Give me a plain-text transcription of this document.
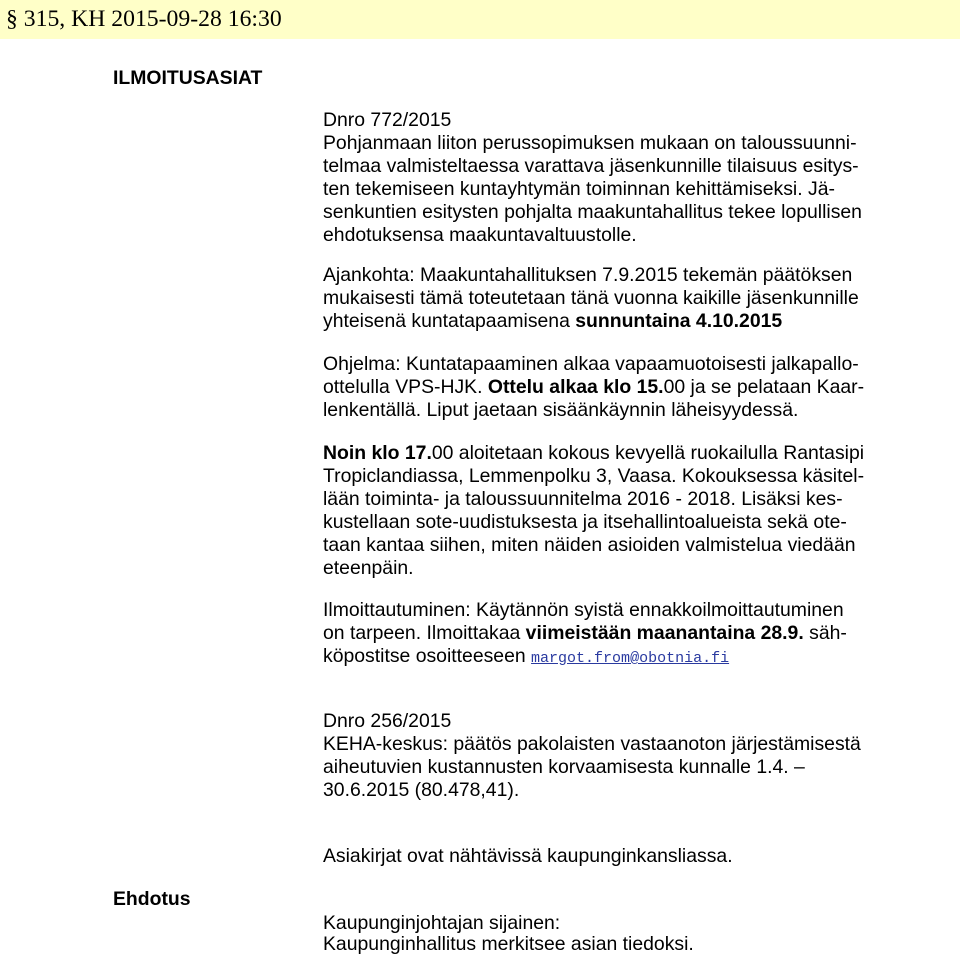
§ 315, KH 2015-09-28 16:30
ILMOITUSASIAT
Dnro 772/2015
Pohjanmaan liiton perussopimuksen mukaan on taloussuunni-
telmaa valmisteltaessa varattava jäsenkunnille tilaisuus esitys-
ten tekemiseen kuntayhtymän toiminnan kehittämiseksi. Jä-
senkuntien esitysten pohjalta maakuntahallitus tekee lopullisen
ehdotuksensa maakuntavaltuustolle.
Ajankohta: Maakuntahallituksen 7.9.2015 tekemän päätöksen
mukaisesti tämä toteutetaan tänä vuonna kaikille jäsenkunnille
yhteisenä kuntatapaamisena sunnuntaina 4.10.2015
Ohjelma: Kuntatapaaminen alkaa vapaamuotoisesti jalkapallo-
ottelulla VPS-HJK. Ottelu alkaa klo 15.00 ja se pelataan Kaar-
lenkentällä. Liput jaetaan sisäänkäynnin läheisyydessä.
Noin klo 17.00 aloitetaan kokous kevyellä ruokailulla Rantasipi
Tropiclandiassa, Lemmenpolku 3, Vaasa. Kokouksessa käsitel-
lään toiminta- ja taloussuunnitelma 2016 - 2018. Lisäksi kes-
kustellaan sote-uudistuksesta ja itsehallintoalueista sekä ote-
taan kantaa siihen, miten näiden asioiden valmistelua viedään
eteenpäin.
Ilmoittautuminen: Käytännön syistä ennakkoilmoittautuminen
on tarpeen. Ilmoittakaa viimeistään maanantaina 28.9. säh-
köpostitse osoitteeseen margot.from@obotnia.fi
Dnro 256/2015
KEHA-keskus: päätös pakolaisten vastaanoton järjestämisestä
aiheutuvien kustannusten korvaamisesta kunnalle 1.4. –
30.6.2015 (80.478,41).
Asiakirjat ovat nähtävissä kaupunginkansliassa.
Ehdotus
Kaupunginjohtajan sijainen:
Kaupunginhallitus merkitsee asian tiedoksi.
